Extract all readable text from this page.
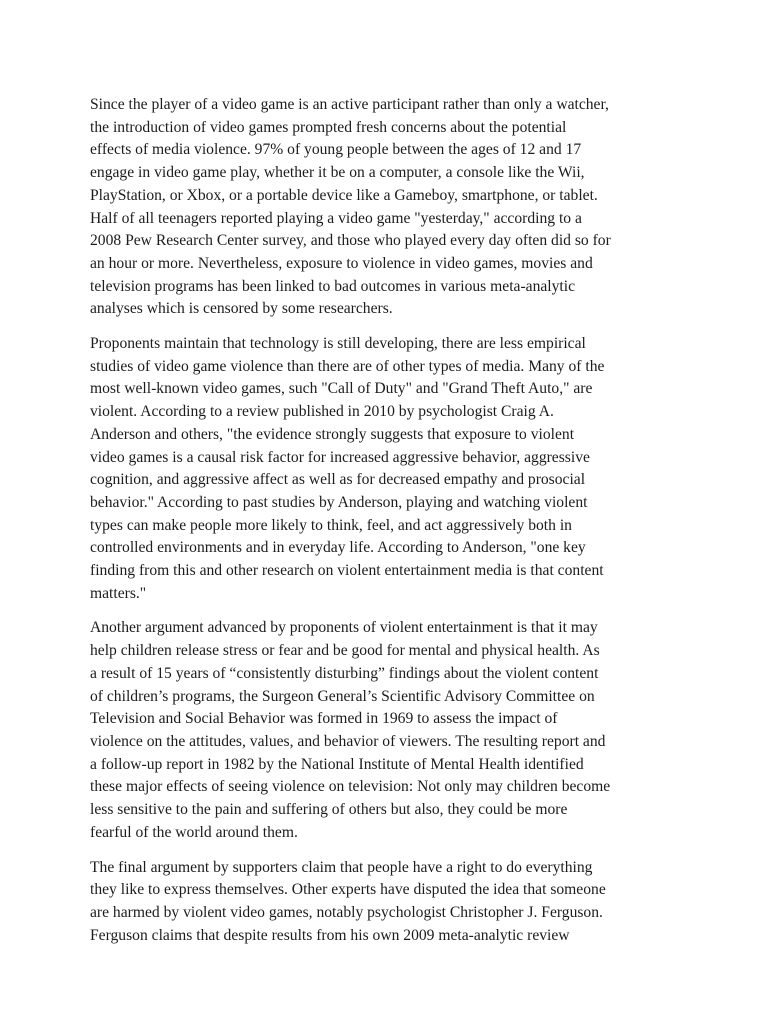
Since the player of a video game is an active participant rather than only a watcher,
the introduction of video games prompted fresh concerns about the potential
effects of media violence. 97% of young people between the ages of 12 and 17
engage in video game play, whether it be on a computer, a console like the Wii,
PlayStation, or Xbox, or a portable device like a Gameboy, smartphone, or tablet.
Half of all teenagers reported playing a video game "yesterday," according to a
2008 Pew Research Center survey, and those who played every day often did so for
an hour or more. Nevertheless, exposure to violence in video games, movies and
television programs has been linked to bad outcomes in various meta-analytic
analyses which is censored by some researchers.

Proponents maintain that technology is still developing, there are less empirical
studies of video game violence than there are of other types of media. Many of the
most well-known video games, such "Call of Duty" and "Grand Theft Auto," are
violent. According to a review published in 2010 by psychologist Craig A.
Anderson and others, "the evidence strongly suggests that exposure to violent
video games is a causal risk factor for increased aggressive behavior, aggressive
cognition, and aggressive affect as well as for decreased empathy and prosocial
behavior." According to past studies by Anderson, playing and watching violent
types can make people more likely to think, feel, and act aggressively both in
controlled environments and in everyday life. According to Anderson, "one key
finding from this and other research on violent entertainment media is that content
matters."

Another argument advanced by proponents of violent entertainment is that it may
help children release stress or fear and be good for mental and physical health. As
a result of 15 years of “consistently disturbing” findings about the violent content
of children’s programs, the Surgeon General’s Scientific Advisory Committee on
Television and Social Behavior was formed in 1969 to assess the impact of
violence on the attitudes, values, and behavior of viewers. The resulting report and
a follow-up report in 1982 by the National Institute of Mental Health identified
these major effects of seeing violence on television: Not only may children become
less sensitive to the pain and suffering of others but also, they could be more
fearful of the world around them.

The final argument by supporters claim that people have a right to do everything
they like to express themselves. Other experts have disputed the idea that someone
are harmed by violent video games, notably psychologist Christopher J. Ferguson.
Ferguson claims that despite results from his own 2009 meta-analytic review
